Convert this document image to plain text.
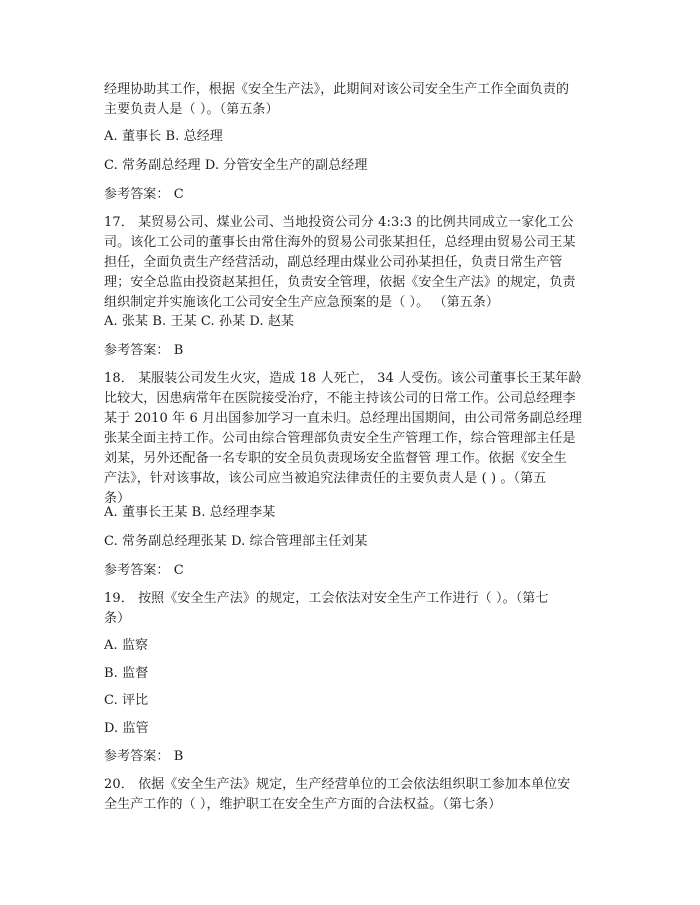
经理协助其工作，根据《安全生产法》，此期间对该公司安全生产工作全面负责的
主要负责人是（ ）。（第五条）

A. 董事长 B. 总经理

C. 常务副总经理 D. 分管安全生产的副总经理

参考答案： C

17． 某贸易公司、煤业公司、当地投资公司分 4:3:3 的比例共同成立一家化工公
司。该化工公司的董事长由常住海外的贸易公司张某担任，总经理由贸易公司王某
担任，全面负责生产经营活动，副总经理由煤业公司孙某担任，负责日常生产管
理；安全总监由投资赵某担任，负责安全管理，依据《安全生产法》的规定，负责
组织制定并实施该化工公司安全生产应急预案的是（ ）。 （第五条）

A. 张某 B. 王某 C. 孙某 D. 赵某

参考答案： B

18． 某服装公司发生火灾，造成 18 人死亡， 34 人受伤。该公司董事长王某年龄
比较大，因患病常年在医院接受治疗，不能主持该公司的日常工作。公司总经理李
某于 2010 年 6 月出国参加学习一直未归。总经理出国期间，由公司常务副总经理
张某全面主持工作。公司由综合管理部负责安全生产管理工作，综合管理部主任是
刘某，另外还配备一名专职的安全员负责现场安全监督管 理工作。依据《安全生
产法》，针对该事故，该公司应当被追究法律责任的主要负责人是 ( ) 。（第五
条）

A. 董事长王某 B. 总经理李某

C. 常务副总经理张某 D. 综合管理部主任刘某

参考答案： C

19． 按照《安全生产法》的规定，工会依法对安全生产工作进行（ ）。（第七
条）

A. 监察

B. 监督

C. 评比

D. 监管

参考答案： B

20． 依据《安全生产法》规定，生产经营单位的工会依法组织职工参加本单位安
全生产工作的（ ），维护职工在安全生产方面的合法权益。（第七条）
